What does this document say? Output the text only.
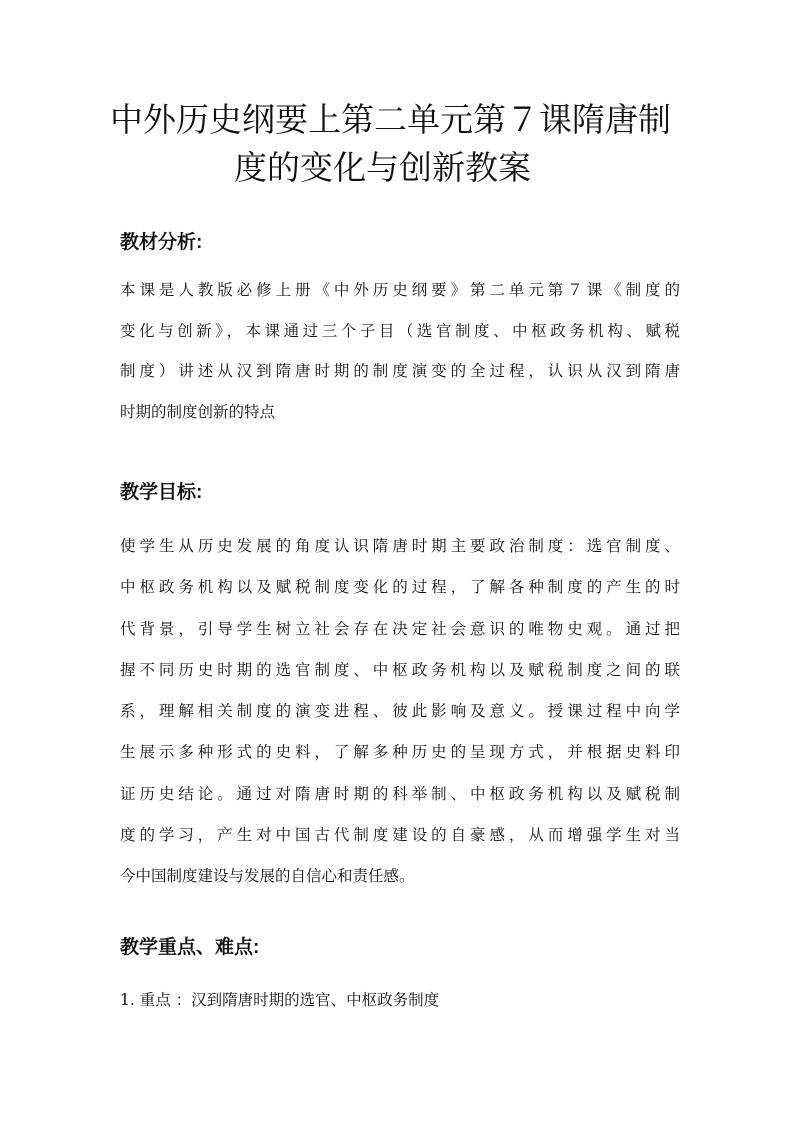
中外历史纲要上第二单元第７课隋唐制
度的变化与创新教案
教材分析:

本课是人教版必修上册《中外历史纲要》第二单元第７课《制度的
变化与创新》，本课通过三个子目（选官制度、中枢政务机构、赋税
制度）讲述从汉到隋唐时期的制度演变的全过程，认识从汉到隋唐
时期的制度创新的特点

教学目标:

使学生从历史发展的角度认识隋唐时期主要政治制度：选官制度、
中枢政务机构以及赋税制度变化的过程，了解各种制度的产生的时
代背景，引导学生树立社会存在决定社会意识的唯物史观。通过把
握不同历史时期的选官制度、中枢政务机构以及赋税制度之间的联
系，理解相关制度的演变进程、彼此影响及意义。授课过程中向学
生展示多种形式的史料，了解多种历史的呈现方式，并根据史料印
证历史结论。通过对隋唐时期的科举制、中枢政务机构以及赋税制
度的学习，产生对中国古代制度建设的自豪感，从而增强学生对当
今中国制度建设与发展的自信心和责任感。

教学重点、难点:

1. 重点 ：汉到隋唐时期的选官、中枢政务制度
